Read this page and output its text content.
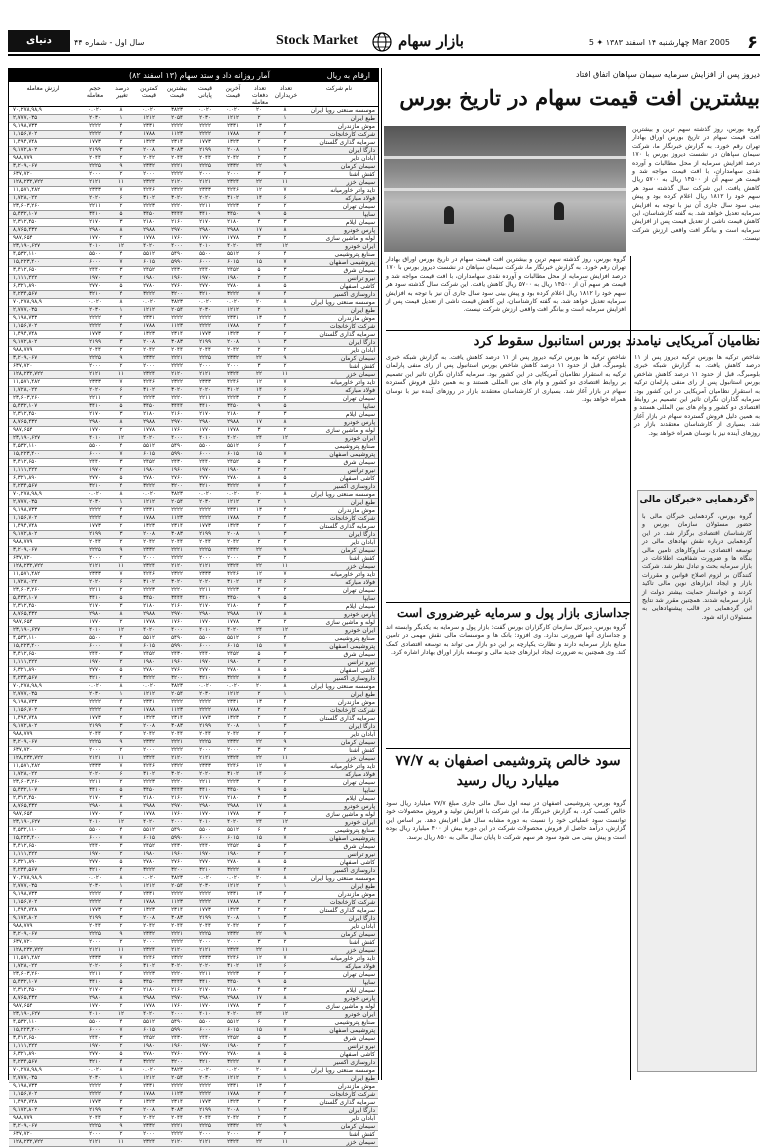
۶
چهارشنبه ۱۴ اسفند ۱۳۸۳ ✦ 5 Mar 2005
بازار سهام
Stock Market
دنیای اقتصاد
سال اول - شماره ۴۴
آمار روزانه داد و ستد سهام (۱۳ اسفند ۸۲)	ارقام به ریال
نام شرکت
تعداد خریداران
تعداد دفعات معامله
آخرین قیمت
قیمت پایانی
بیشترین قیمت
کمترین قیمت
درصد تغییر
حجم معامله
ارزش معامله
موسسه صنعتی رویا ایران
۸
۲۰
۰.۰۲۰
۰.۰۲۰
۳۸۲۳
۰.۰۲۰
۸
۰.۰۲۰
۷۰,۲۷۸,۹۸,۹
طبع ایران
۱
۲
۱۲۱۲
۲۰۳۰
۲۰۵۴
۱۲۱۲
۱
۲۰۳۰
۲,۷۷۷,۰۳۵
موش مازندران
۴
۱۳
۲۳۳۱
۲۲۲۲
۲۲۲۲
۲۳۳۱
۴
۲۲۲۲
۹,۱۹۸,۷۳۳
شرکت کارخانجات
۴
۲
۱۷۸۸
۲۲۲۲
۱۱۲۳
۱۷۸۸
۴
۲۲۲۲
۱,۱۵۶,۷۰۲
سرمایه گذاری گلستان
۲
۲
۱۳۲۳
۱۷۷۳
۲۳۱۴
۱۳۲۳
۲
۱۷۷۳
۱,۴۹۴,۷۴۸
دارگا ایران
۳
۱
۲۰۰۸
۲۱۹۹
۳۰۸۳
۲۰۰۸
۳
۲۱۹۹
۹,۱۷۲,۸۰۲
آبادان تایر
۲
۲
۲۰۴۲
۲۰۴۴
۲۰۴۴
۲۰۴۲
۲
۲۰۴۴
۹۸۸,۷۷۹
سیمان کرمان
۹
۲۲
۲۳۳۲
۲۲۲۵
۲۲۲۱
۲۳۳۲
۹
۲۲۲۵
۳,۲۰۹,۰۶۷
کفش آشنا
۲
۳
۲۰۰۰
۲۰۰۰
۲۲۲۲
۲۰۰۰
۲
۲۰۰۰
۶۳۷,۷۲۰
سیمان خزر
۱۱
۲۲
۲۳۲۴
۲۱۲۱
۲۱۲۰
۲۳۲۴
۱۱
۲۱۲۱
۱۲۸,۲۳۲,۷۲۲
تاید واتر خاورمیانه
۷
۱۲
۴۲۴۶
۲۳۳۳
۲۳۲۲
۴۲۴۶
۷
۲۳۳۳
۱۱,۵۷۱,۴۸۲
فولاد مبارکه
۶
۱۴
۳۱۰۲
۲۰۲۰
۳۰۲۰
۳۱۰۲
۶
۲۰۲۰
۱,۷۲۸,۰۲۲
سیمان تهران
۲
۲
۲۲۲۳
۲۲۱۱
۲۲۲۰
۲۲۲۳
۲
۲۲۱۱
۲۳,۶۰۳,۲۶۰
سایپا
۵
۹
۳۴۵۰
۳۴۱۰
۳۴۴۴
۳۴۵۰
۵
۳۴۱۰
۵,۴۳۲,۱۰۷
سیمان ایلام
۳
۴
۲۱۸۰
۲۱۷۰
۲۱۶۰
۲۱۸۰
۳
۲۱۷۰
۲,۳۱۲,۴۵۰
پارس خودرو
۸
۱۷
۲۹۸۸
۲۹۸۰
۲۹۷۰
۲۹۸۸
۸
۲۹۸۰
۸,۷۶۵,۴۳۲
لوله و ماشین سازی
۲
۳
۱۷۷۸
۱۷۷۰
۱۷۶۰
۱۷۷۸
۲
۱۷۷۰
۹۸۷,۶۵۴
ایران خودرو
۱۲
۲۴
۴۰۲۰
۴۰۱۰
۴۰۰۰
۴۰۲۰
۱۲
۴۰۱۰
۲۳,۱۹۰,۶۲۷
صنایع پتروشیمی
۴
۶
۵۵۱۲
۵۵۰۰
۵۴۹۰
۵۵۱۲
۴
۵۵۰۰
۴,۵۳۲,۱۱۰
پتروشیمی اصفهان
۷
۱۵
۶۰۱۵
۶۰۰۰
۵۹۹۰
۶۰۱۵
۷
۶۰۰۰
۱۵,۲۲۳,۴۰۰
سیمان شرق
۳
۵
۲۴۵۲
۲۴۴۰
۲۴۳۰
۲۴۵۲
۳
۲۴۴۰
۳,۴۱۲,۶۵۰
نیرو ترانس
۲
۲
۱۹۸۰
۱۹۷۰
۱۹۶۰
۱۹۸۰
۲
۱۹۷۰
۱,۱۱۱,۲۲۲
کاشی اصفهان
۵
۸
۲۷۸۰
۲۷۷۰
۲۷۶۰
۲۷۸۰
۵
۲۷۷۰
۶,۳۲۱,۸۹۰
داروسازی اکسیر
۴
۷
۳۲۲۲
۳۲۱۰
۳۲۰۰
۳۲۲۲
۴
۳۲۱۰
۴,۲۳۴,۵۶۷
موسسه صنعتی رویا ایران
۸
۲۰
۰.۰۲۰
۰.۰۲۰
۳۸۲۳
۰.۰۲۰
۸
۰.۰۲۰
۷۰,۲۷۸,۹۸,۹
طبع ایران
۱
۲
۱۲۱۲
۲۰۳۰
۲۰۵۴
۱۲۱۲
۱
۲۰۳۰
۲,۷۷۷,۰۳۵
موش مازندران
۴
۱۳
۲۳۳۱
۲۲۲۲
۲۲۲۲
۲۳۳۱
۴
۲۲۲۲
۹,۱۹۸,۷۳۳
شرکت کارخانجات
۴
۲
۱۷۸۸
۲۲۲۲
۱۱۲۳
۱۷۸۸
۴
۲۲۲۲
۱,۱۵۶,۷۰۲
سرمایه گذاری گلستان
۲
۲
۱۳۲۳
۱۷۷۳
۲۳۱۴
۱۳۲۳
۲
۱۷۷۳
۱,۴۹۴,۷۴۸
دارگا ایران
۳
۱
۲۰۰۸
۲۱۹۹
۳۰۸۳
۲۰۰۸
۳
۲۱۹۹
۹,۱۷۲,۸۰۲
آبادان تایر
۲
۲
۲۰۴۲
۲۰۴۴
۲۰۴۴
۲۰۴۲
۲
۲۰۴۴
۹۸۸,۷۷۹
سیمان کرمان
۹
۲۲
۲۳۳۲
۲۲۲۵
۲۲۲۱
۲۳۳۲
۹
۲۲۲۵
۳,۲۰۹,۰۶۷
کفش آشنا
۲
۳
۲۰۰۰
۲۰۰۰
۲۲۲۲
۲۰۰۰
۲
۲۰۰۰
۶۳۷,۷۲۰
سیمان خزر
۱۱
۲۲
۲۳۲۴
۲۱۲۱
۲۱۲۰
۲۳۲۴
۱۱
۲۱۲۱
۱۲۸,۲۳۲,۷۲۲
تاید واتر خاورمیانه
۷
۱۲
۴۲۴۶
۲۳۳۳
۲۳۲۲
۴۲۴۶
۷
۲۳۳۳
۱۱,۵۷۱,۴۸۲
فولاد مبارکه
۶
۱۴
۳۱۰۲
۲۰۲۰
۳۰۲۰
۳۱۰۲
۶
۲۰۲۰
۱,۷۲۸,۰۲۲
سیمان تهران
۲
۲
۲۲۲۳
۲۲۱۱
۲۲۲۰
۲۲۲۳
۲
۲۲۱۱
۲۳,۶۰۳,۲۶۰
سایپا
۵
۹
۳۴۵۰
۳۴۱۰
۳۴۴۴
۳۴۵۰
۵
۳۴۱۰
۵,۴۳۲,۱۰۷
سیمان ایلام
۳
۴
۲۱۸۰
۲۱۷۰
۲۱۶۰
۲۱۸۰
۳
۲۱۷۰
۲,۳۱۲,۴۵۰
پارس خودرو
۸
۱۷
۲۹۸۸
۲۹۸۰
۲۹۷۰
۲۹۸۸
۸
۲۹۸۰
۸,۷۶۵,۴۳۲
لوله و ماشین سازی
۲
۳
۱۷۷۸
۱۷۷۰
۱۷۶۰
۱۷۷۸
۲
۱۷۷۰
۹۸۷,۶۵۴
ایران خودرو
۱۲
۲۴
۴۰۲۰
۴۰۱۰
۴۰۰۰
۴۰۲۰
۱۲
۴۰۱۰
۲۳,۱۹۰,۶۲۷
صنایع پتروشیمی
۴
۶
۵۵۱۲
۵۵۰۰
۵۴۹۰
۵۵۱۲
۴
۵۵۰۰
۴,۵۳۲,۱۱۰
پتروشیمی اصفهان
۷
۱۵
۶۰۱۵
۶۰۰۰
۵۹۹۰
۶۰۱۵
۷
۶۰۰۰
۱۵,۲۲۳,۴۰۰
سیمان شرق
۳
۵
۲۴۵۲
۲۴۴۰
۲۴۳۰
۲۴۵۲
۳
۲۴۴۰
۳,۴۱۲,۶۵۰
نیرو ترانس
۲
۲
۱۹۸۰
۱۹۷۰
۱۹۶۰
۱۹۸۰
۲
۱۹۷۰
۱,۱۱۱,۲۲۲
کاشی اصفهان
۵
۸
۲۷۸۰
۲۷۷۰
۲۷۶۰
۲۷۸۰
۵
۲۷۷۰
۶,۳۲۱,۸۹۰
داروسازی اکسیر
۴
۷
۳۲۲۲
۳۲۱۰
۳۲۰۰
۳۲۲۲
۴
۳۲۱۰
۴,۲۳۴,۵۶۷
موسسه صنعتی رویا ایران
۸
۲۰
۰.۰۲۰
۰.۰۲۰
۳۸۲۳
۰.۰۲۰
۸
۰.۰۲۰
۷۰,۲۷۸,۹۸,۹
طبع ایران
۱
۲
۱۲۱۲
۲۰۳۰
۲۰۵۴
۱۲۱۲
۱
۲۰۳۰
۲,۷۷۷,۰۳۵
موش مازندران
۴
۱۳
۲۳۳۱
۲۲۲۲
۲۲۲۲
۲۳۳۱
۴
۲۲۲۲
۹,۱۹۸,۷۳۳
شرکت کارخانجات
۴
۲
۱۷۸۸
۲۲۲۲
۱۱۲۳
۱۷۸۸
۴
۲۲۲۲
۱,۱۵۶,۷۰۲
سرمایه گذاری گلستان
۲
۲
۱۳۲۳
۱۷۷۳
۲۳۱۴
۱۳۲۳
۲
۱۷۷۳
۱,۴۹۴,۷۴۸
دارگا ایران
۳
۱
۲۰۰۸
۲۱۹۹
۳۰۸۳
۲۰۰۸
۳
۲۱۹۹
۹,۱۷۲,۸۰۲
آبادان تایر
۲
۲
۲۰۴۲
۲۰۴۴
۲۰۴۴
۲۰۴۲
۲
۲۰۴۴
۹۸۸,۷۷۹
سیمان کرمان
۹
۲۲
۲۳۳۲
۲۲۲۵
۲۲۲۱
۲۳۳۲
۹
۲۲۲۵
۳,۲۰۹,۰۶۷
کفش آشنا
۲
۳
۲۰۰۰
۲۰۰۰
۲۲۲۲
۲۰۰۰
۲
۲۰۰۰
۶۳۷,۷۲۰
سیمان خزر
۱۱
۲۲
۲۳۲۴
۲۱۲۱
۲۱۲۰
۲۳۲۴
۱۱
۲۱۲۱
۱۲۸,۲۳۲,۷۲۲
تاید واتر خاورمیانه
۷
۱۲
۴۲۴۶
۲۳۳۳
۲۳۲۲
۴۲۴۶
۷
۲۳۳۳
۱۱,۵۷۱,۴۸۲
فولاد مبارکه
۶
۱۴
۳۱۰۲
۲۰۲۰
۳۰۲۰
۳۱۰۲
۶
۲۰۲۰
۱,۷۲۸,۰۲۲
سیمان تهران
۲
۲
۲۲۲۳
۲۲۱۱
۲۲۲۰
۲۲۲۳
۲
۲۲۱۱
۲۳,۶۰۳,۲۶۰
سایپا
۵
۹
۳۴۵۰
۳۴۱۰
۳۴۴۴
۳۴۵۰
۵
۳۴۱۰
۵,۴۳۲,۱۰۷
سیمان ایلام
۳
۴
۲۱۸۰
۲۱۷۰
۲۱۶۰
۲۱۸۰
۳
۲۱۷۰
۲,۳۱۲,۴۵۰
پارس خودرو
۸
۱۷
۲۹۸۸
۲۹۸۰
۲۹۷۰
۲۹۸۸
۸
۲۹۸۰
۸,۷۶۵,۴۳۲
لوله و ماشین سازی
۲
۳
۱۷۷۸
۱۷۷۰
۱۷۶۰
۱۷۷۸
۲
۱۷۷۰
۹۸۷,۶۵۴
ایران خودرو
۱۲
۲۴
۴۰۲۰
۴۰۱۰
۴۰۰۰
۴۰۲۰
۱۲
۴۰۱۰
۲۳,۱۹۰,۶۲۷
صنایع پتروشیمی
۴
۶
۵۵۱۲
۵۵۰۰
۵۴۹۰
۵۵۱۲
۴
۵۵۰۰
۴,۵۳۲,۱۱۰
پتروشیمی اصفهان
۷
۱۵
۶۰۱۵
۶۰۰۰
۵۹۹۰
۶۰۱۵
۷
۶۰۰۰
۱۵,۲۲۳,۴۰۰
سیمان شرق
۳
۵
۲۴۵۲
۲۴۴۰
۲۴۳۰
۲۴۵۲
۳
۲۴۴۰
۳,۴۱۲,۶۵۰
نیرو ترانس
۲
۲
۱۹۸۰
۱۹۷۰
۱۹۶۰
۱۹۸۰
۲
۱۹۷۰
۱,۱۱۱,۲۲۲
کاشی اصفهان
۵
۸
۲۷۸۰
۲۷۷۰
۲۷۶۰
۲۷۸۰
۵
۲۷۷۰
۶,۳۲۱,۸۹۰
داروسازی اکسیر
۴
۷
۳۲۲۲
۳۲۱۰
۳۲۰۰
۳۲۲۲
۴
۳۲۱۰
۴,۲۳۴,۵۶۷
موسسه صنعتی رویا ایران
۸
۲۰
۰.۰۲۰
۰.۰۲۰
۳۸۲۳
۰.۰۲۰
۸
۰.۰۲۰
۷۰,۲۷۸,۹۸,۹
طبع ایران
۱
۲
۱۲۱۲
۲۰۳۰
۲۰۵۴
۱۲۱۲
۱
۲۰۳۰
۲,۷۷۷,۰۳۵
موش مازندران
۴
۱۳
۲۳۳۱
۲۲۲۲
۲۲۲۲
۲۳۳۱
۴
۲۲۲۲
۹,۱۹۸,۷۳۳
شرکت کارخانجات
۴
۲
۱۷۸۸
۲۲۲۲
۱۱۲۳
۱۷۸۸
۴
۲۲۲۲
۱,۱۵۶,۷۰۲
سرمایه گذاری گلستان
۲
۲
۱۳۲۳
۱۷۷۳
۲۳۱۴
۱۳۲۳
۲
۱۷۷۳
۱,۴۹۴,۷۴۸
دارگا ایران
۳
۱
۲۰۰۸
۲۱۹۹
۳۰۸۳
۲۰۰۸
۳
۲۱۹۹
۹,۱۷۲,۸۰۲
آبادان تایر
۲
۲
۲۰۴۲
۲۰۴۴
۲۰۴۴
۲۰۴۲
۲
۲۰۴۴
۹۸۸,۷۷۹
سیمان کرمان
۹
۲۲
۲۳۳۲
۲۲۲۵
۲۲۲۱
۲۳۳۲
۹
۲۲۲۵
۳,۲۰۹,۰۶۷
کفش آشنا
۲
۳
۲۰۰۰
۲۰۰۰
۲۲۲۲
۲۰۰۰
۲
۲۰۰۰
۶۳۷,۷۲۰
سیمان خزر
۱۱
۲۲
۲۳۲۴
۲۱۲۱
۲۱۲۰
۲۳۲۴
۱۱
۲۱۲۱
۱۲۸,۲۳۲,۷۲۲
تاید واتر خاورمیانه
۷
۱۲
۴۲۴۶
۲۳۳۳
۲۳۲۲
۴۲۴۶
۷
۲۳۳۳
۱۱,۵۷۱,۴۸۲
فولاد مبارکه
۶
۱۴
۳۱۰۲
۲۰۲۰
۳۰۲۰
۳۱۰۲
۶
۲۰۲۰
۱,۷۲۸,۰۲۲
سیمان تهران
۲
۲
۲۲۲۳
۲۲۱۱
۲۲۲۰
۲۲۲۳
۲
۲۲۱۱
۲۳,۶۰۳,۲۶۰
سایپا
۵
۹
۳۴۵۰
۳۴۱۰
۳۴۴۴
۳۴۵۰
۵
۳۴۱۰
۵,۴۳۲,۱۰۷
سیمان ایلام
۳
۴
۲۱۸۰
۲۱۷۰
۲۱۶۰
۲۱۸۰
۳
۲۱۷۰
۲,۳۱۲,۴۵۰
پارس خودرو
۸
۱۷
۲۹۸۸
۲۹۸۰
۲۹۷۰
۲۹۸۸
۸
۲۹۸۰
۸,۷۶۵,۴۳۲
لوله و ماشین سازی
۲
۳
۱۷۷۸
۱۷۷۰
۱۷۶۰
۱۷۷۸
۲
۱۷۷۰
۹۸۷,۶۵۴
ایران خودرو
۱۲
۲۴
۴۰۲۰
۴۰۱۰
۴۰۰۰
۴۰۲۰
۱۲
۴۰۱۰
۲۳,۱۹۰,۶۲۷
صنایع پتروشیمی
۴
۶
۵۵۱۲
۵۵۰۰
۵۴۹۰
۵۵۱۲
۴
۵۵۰۰
۴,۵۳۲,۱۱۰
پتروشیمی اصفهان
۷
۱۵
۶۰۱۵
۶۰۰۰
۵۹۹۰
۶۰۱۵
۷
۶۰۰۰
۱۵,۲۲۳,۴۰۰
سیمان شرق
۳
۵
۲۴۵۲
۲۴۴۰
۲۴۳۰
۲۴۵۲
۳
۲۴۴۰
۳,۴۱۲,۶۵۰
نیرو ترانس
۲
۲
۱۹۸۰
۱۹۷۰
۱۹۶۰
۱۹۸۰
۲
۱۹۷۰
۱,۱۱۱,۲۲۲
کاشی اصفهان
۵
۸
۲۷۸۰
۲۷۷۰
۲۷۶۰
۲۷۸۰
۵
۲۷۷۰
۶,۳۲۱,۸۹۰
داروسازی اکسیر
۴
۷
۳۲۲۲
۳۲۱۰
۳۲۰۰
۳۲۲۲
۴
۳۲۱۰
۴,۲۳۴,۵۶۷
موسسه صنعتی رویا ایران
۸
۲۰
۰.۰۲۰
۰.۰۲۰
۳۸۲۳
۰.۰۲۰
۸
۰.۰۲۰
۷۰,۲۷۸,۹۸,۹
طبع ایران
۱
۲
۱۲۱۲
۲۰۳۰
۲۰۵۴
۱۲۱۲
۱
۲۰۳۰
۲,۷۷۷,۰۳۵
موش مازندران
۴
۱۳
۲۳۳۱
۲۲۲۲
۲۲۲۲
۲۳۳۱
۴
۲۲۲۲
۹,۱۹۸,۷۳۳
شرکت کارخانجات
۴
۲
۱۷۸۸
۲۲۲۲
۱۱۲۳
۱۷۸۸
۴
۲۲۲۲
۱,۱۵۶,۷۰۲
سرمایه گذاری گلستان
۲
۲
۱۳۲۳
۱۷۷۳
۲۳۱۴
۱۳۲۳
۲
۱۷۷۳
۱,۴۹۴,۷۴۸
دارگا ایران
۳
۱
۲۰۰۸
۲۱۹۹
۳۰۸۳
۲۰۰۸
۳
۲۱۹۹
۹,۱۷۲,۸۰۲
آبادان تایر
۲
۲
۲۰۴۲
۲۰۴۴
۲۰۴۴
۲۰۴۲
۲
۲۰۴۴
۹۸۸,۷۷۹
سیمان کرمان
۹
۲۲
۲۳۳۲
۲۲۲۵
۲۲۲۱
۲۳۳۲
۹
۲۲۲۵
۳,۲۰۹,۰۶۷
کفش آشنا
۲
۳
۲۰۰۰
۲۰۰۰
۲۲۲۲
۲۰۰۰
۲
۲۰۰۰
۶۳۷,۷۲۰
سیمان خزر
۱۱
۲۲
۲۳۲۴
۲۱۲۱
۲۱۲۰
۲۳۲۴
۱۱
۲۱۲۱
۱۲۸,۲۳۲,۷۲۲
تاید واتر خاورمیانه
۷
۱۲
۴۲۴۶
۲۳۳۳
۲۳۲۲
۴۲۴۶
۷
۲۳۳۳
۱۱,۵۷۱,۴۸۲
فولاد مبارکه
۶
۱۴
۳۱۰۲
۲۰۲۰
۳۰۲۰
۳۱۰۲
۶
۲۰۲۰
۱,۷۲۸,۰۲۲
سیمان تهران
۲
۲
۲۲۲۳
۲۲۱۱
۲۲۲۰
۲۲۲۳
۲
۲۲۱۱
۲۳,۶۰۳,۲۶۰
سایپا
۵
۹
۳۴۵۰
۳۴۱۰
۳۴۴۴
۳۴۵۰
۵
۳۴۱۰
۵,۴۳۲,۱۰۷
سیمان ایلام
۳
۴
۲۱۸۰
۲۱۷۰
۲۱۶۰
۲۱۸۰
۳
۲۱۷۰
۲,۳۱۲,۴۵۰
پارس خودرو
۸
۱۷
۲۹۸۸
۲۹۸۰
۲۹۷۰
۲۹۸۸
۸
۲۹۸۰
۸,۷۶۵,۴۳۲
لوله و ماشین سازی
۲
۳
۱۷۷۸
۱۷۷۰
۱۷۶۰
۱۷۷۸
۲
۱۷۷۰
۹۸۷,۶۵۴
ایران خودرو
۱۲
۲۴
۴۰۲۰
۴۰۱۰
۴۰۰۰
۴۰۲۰
۱۲
۴۰۱۰
۲۳,۱۹۰,۶۲۷
صنایع پتروشیمی
۴
۶
۵۵۱۲
۵۵۰۰
۵۴۹۰
۵۵۱۲
۴
۵۵۰۰
۴,۵۳۲,۱۱۰
پتروشیمی اصفهان
۷
۱۵
۶۰۱۵
۶۰۰۰
۵۹۹۰
۶۰۱۵
۷
۶۰۰۰
۱۵,۲۲۳,۴۰۰
سیمان شرق
۳
۵
۲۴۵۲
۲۴۴۰
۲۴۳۰
۲۴۵۲
۳
۲۴۴۰
۳,۴۱۲,۶۵۰
نیرو ترانس
۲
۲
۱۹۸۰
۱۹۷۰
۱۹۶۰
۱۹۸۰
۲
۱۹۷۰
۱,۱۱۱,۲۲۲
کاشی اصفهان
۵
۸
۲۷۸۰
۲۷۷۰
۲۷۶۰
۲۷۸۰
۵
۲۷۷۰
۶,۳۲۱,۸۹۰
داروسازی اکسیر
۴
۷
۳۲۲۲
۳۲۱۰
۳۲۰۰
۳۲۲۲
۴
۳۲۱۰
۴,۲۳۴,۵۶۷
موسسه صنعتی رویا ایران
۸
۲۰
۰.۰۲۰
۰.۰۲۰
۳۸۲۳
۰.۰۲۰
۸
۰.۰۲۰
۷۰,۲۷۸,۹۸,۹
طبع ایران
۱
۲
۱۲۱۲
۲۰۳۰
۲۰۵۴
۱۲۱۲
۱
۲۰۳۰
۲,۷۷۷,۰۳۵
موش مازندران
۴
۱۳
۲۳۳۱
۲۲۲۲
۲۲۲۲
۲۳۳۱
۴
۲۲۲۲
۹,۱۹۸,۷۳۳
شرکت کارخانجات
۴
۲
۱۷۸۸
۲۲۲۲
۱۱۲۳
۱۷۸۸
۴
۲۲۲۲
۱,۱۵۶,۷۰۲
سرمایه گذاری گلستان
۲
۲
۱۳۲۳
۱۷۷۳
۲۳۱۴
۱۳۲۳
۲
۱۷۷۳
۱,۴۹۴,۷۴۸
دارگا ایران
۳
۱
۲۰۰۸
۲۱۹۹
۳۰۸۳
۲۰۰۸
۳
۲۱۹۹
۹,۱۷۲,۸۰۲
آبادان تایر
۲
۲
۲۰۴۲
۲۰۴۴
۲۰۴۴
۲۰۴۲
۲
۲۰۴۴
۹۸۸,۷۷۹
سیمان کرمان
۹
۲۲
۲۳۳۲
۲۲۲۵
۲۲۲۱
۲۳۳۲
۹
۲۲۲۵
۳,۲۰۹,۰۶۷
کفش آشنا
۲
۳
۲۰۰۰
۲۰۰۰
۲۲۲۲
۲۰۰۰
۲
۲۰۰۰
۶۳۷,۷۲۰
سیمان خزر
۱۱
۲۲
۲۳۲۴
۲۱۲۱
۲۱۲۰
۲۳۲۴
۱۱
۲۱۲۱
۱۲۸,۲۳۲,۷۲۲
دیروز پس از افزایش سرمایه سیمان سپاهان اتفاق افتاد
بیشترین افت قیمت سهام در تاریخ بورس
گروه بورس، روز گذشته سهم ترین و بیشترین افت قیمت سهام در تاریخ بورس اوراق بهادار تهران رقم خورد. به گزارش خبرنگار ما، شرکت سیمان سپاهان در نشست دیروز بورس با ۱۷۰ درصد افزایش سرمایه از محل مطالبات و آورده نقدی سهامداران، با افت قیمت مواجه شد و قیمت هر سهم آن از ۱۴۵۰۰ ریال به ۵۷۰۰ ریال کاهش یافت. این شرکت سال گذشته سود هر سهم خود را ۱۸۱۲ ریال اعلام کرده بود و پیش بینی سود سال جاری آن نیز با توجه به افزایش سرمایه تعدیل خواهد شد. به گفته کارشناسان، این کاهش قیمت ناشی از تعدیل قیمت پس از افزایش سرمایه است و بیانگر افت واقعی ارزش شرکت نیست.
گروه بورس، روز گذشته سهم ترین و بیشترین افت قیمت سهام در تاریخ بورس اوراق بهادار تهران رقم خورد. به گزارش خبرنگار ما، شرکت سیمان سپاهان در نشست دیروز بورس با ۱۷۰ درصد افزایش سرمایه از محل مطالبات و آورده نقدی سهامداران، با افت قیمت مواجه شد و قیمت هر سهم آن از ۱۴۵۰۰ ریال به ۵۷۰۰ ریال کاهش یافت. این شرکت سال گذشته سود هر سهم خود را ۱۸۱۲ ریال اعلام کرده بود و پیش بینی سود سال جاری آن نیز با توجه به افزایش سرمایه تعدیل خواهد شد. به گفته کارشناسان، این کاهش قیمت ناشی از تعدیل قیمت پس از افزایش سرمایه است و بیانگر افت واقعی ارزش شرکت نیست.
نظامیان آمریکایی نیامدند بورس استانبول سقوط کرد
شاخص ترکیه ها بورس ترکیه دیروز پس از ۱۱ درصد کاهش یافت. به گزارش شبکه خبری بلومبرگ، قبل از حدود ۱۱ درصد کاهش شاخص بورس استانبول پس از رای منفی پارلمان ترکیه به استقرار نظامیان آمریکایی در این کشور بود. سرمایه گذاران نگران تاثیر این تصمیم بر روابط اقتصادی دو کشور و وام های بین المللی هستند و به همین دلیل فروش گسترده سهام در بازار آغاز شد. بسیاری از کارشناسان معتقدند بازار در روزهای آینده نیز با نوسان همراه خواهد بود.
شاخص ترکیه ها بورس ترکیه دیروز پس از ۱۱ درصد کاهش یافت. به گزارش شبکه خبری بلومبرگ، قبل از حدود ۱۱ درصد کاهش شاخص بورس استانبول پس از رای منفی پارلمان ترکیه به استقرار نظامیان آمریکایی در این کشور بود. سرمایه گذاران نگران تاثیر این تصمیم بر روابط اقتصادی دو کشور و وام های بین المللی هستند و به همین دلیل فروش گسترده سهام در بازار آغاز شد. بسیاری از کارشناسان معتقدند بازار در روزهای آینده نیز با نوسان همراه خواهد بود.
جداسازی بازار پول و سرمایه غیرضروری است
گروه بورس، دبیرکل سازمان کارگزاران بورس گفت: بازار پول و سرمایه به یکدیگر وابسته اند و جداسازی آنها ضرورتی ندارد. وی افزود: بانک ها و موسسات مالی نقش مهمی در تامین منابع بازار سرمایه دارند و نظارت یکپارچه بر این دو بازار می تواند به توسعه اقتصادی کمک کند. وی همچنین به ضرورت ایجاد ابزارهای جدید مالی و توسعه بازار اوراق بهادار اشاره کرد.
سود خالص پتروشیمی اصفهان به ۷۷/۷ میلیارد ریال رسید
گروه بورس، پتروشیمی اصفهان در نیمه اول سال مالی جاری مبلغ ۷۷/۷ میلیارد ریال سود خالص کسب کرد. به گزارش خبرنگار ما، این شرکت با افزایش تولید و فروش محصولات خود توانست سود عملیاتی خود را نسبت به دوره مشابه سال قبل افزایش دهد. بر اساس این گزارش، درآمد حاصل از فروش محصولات شرکت در این دوره بیش از ۴۰۰ میلیارد ریال بوده است و پیش بینی می شود سود هر سهم شرکت تا پایان سال مالی به ۸۵۰ ریال برسد.
گردهمایی «خبرگان مالی»
گروه بورس، گردهمایی خبرگان مالی با حضور مسئولان سازمان بورس و کارشناسان اقتصادی برگزار شد. در این گردهمایی درباره نقش نهادهای مالی در توسعه اقتصادی، سازوکارهای تامین مالی بنگاه ها و ضرورت شفافیت اطلاعات در بازار سرمایه بحث و تبادل نظر شد. شرکت کنندگان بر لزوم اصلاح قوانین و مقررات بازار و ایجاد ابزارهای نوین مالی تاکید کردند و خواستار حمایت بیشتر دولت از بازار سرمایه شدند. همچنین مقرر شد نتایج این گردهمایی در قالب پیشنهادهایی به مسئولان ارائه شود.
